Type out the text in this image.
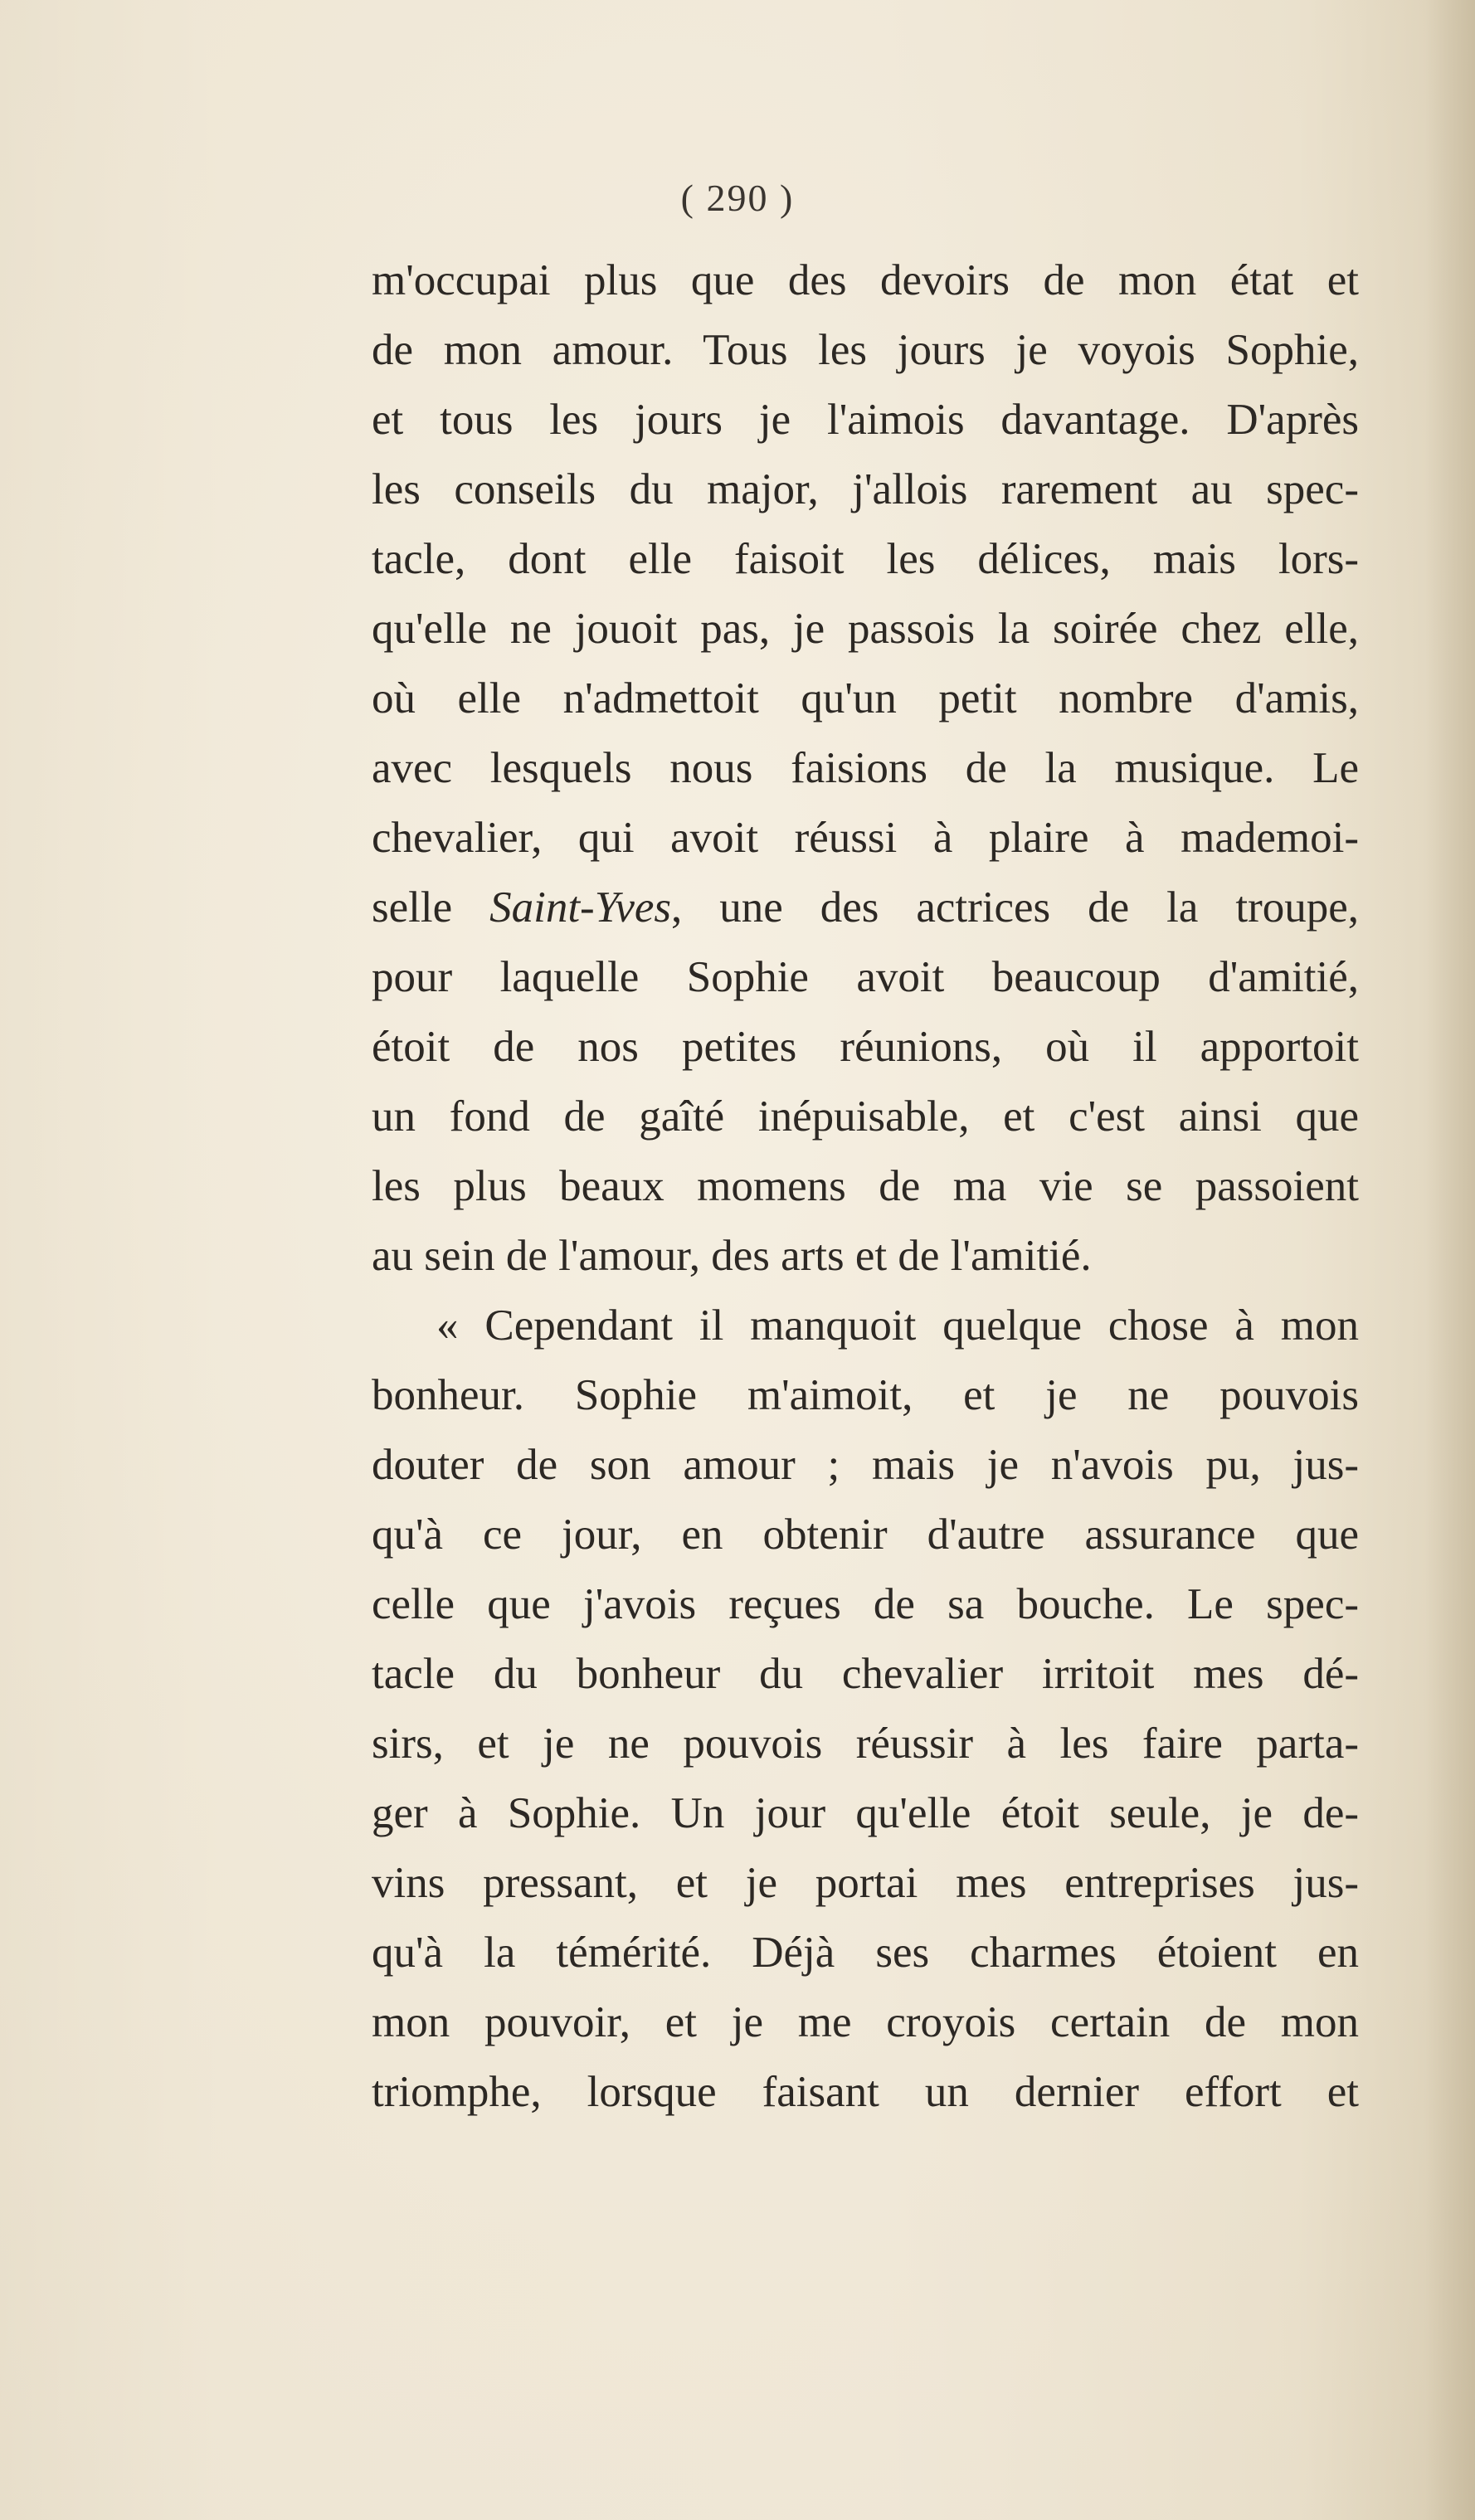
( 290 )
m'occupai plus que des devoirs de mon état et
de mon amour. Tous les jours je voyois Sophie,
et tous les jours je l'aimois davantage. D'après
les conseils du major, j'allois rarement au spec-
tacle, dont elle faisoit les délices, mais lors-
qu'elle ne jouoit pas, je passois la soirée chez elle,
où elle n'admettoit qu'un petit nombre d'amis,
avec lesquels nous faisions de la musique. Le
chevalier, qui avoit réussi à plaire à mademoi-
selle Saint-Yves, une des actrices de la troupe,
pour laquelle Sophie avoit beaucoup d'amitié,
étoit de nos petites réunions, où il apportoit
un fond de gaîté inépuisable, et c'est ainsi que
les plus beaux momens de ma vie se passoient
au sein de l'amour, des arts et de l'amitié.
« Cependant il manquoit quelque chose à mon
bonheur. Sophie m'aimoit, et je ne pouvois
douter de son amour ; mais je n'avois pu, jus-
qu'à ce jour, en obtenir d'autre assurance que
celle que j'avois reçues de sa bouche. Le spec-
tacle du bonheur du chevalier irritoit mes dé-
sirs, et je ne pouvois réussir à les faire parta-
ger à Sophie. Un jour qu'elle étoit seule, je de-
vins pressant, et je portai mes entreprises jus-
qu'à la témérité. Déjà ses charmes étoient en
mon pouvoir, et je me croyois certain de mon
triomphe, lorsque faisant un dernier effort et
